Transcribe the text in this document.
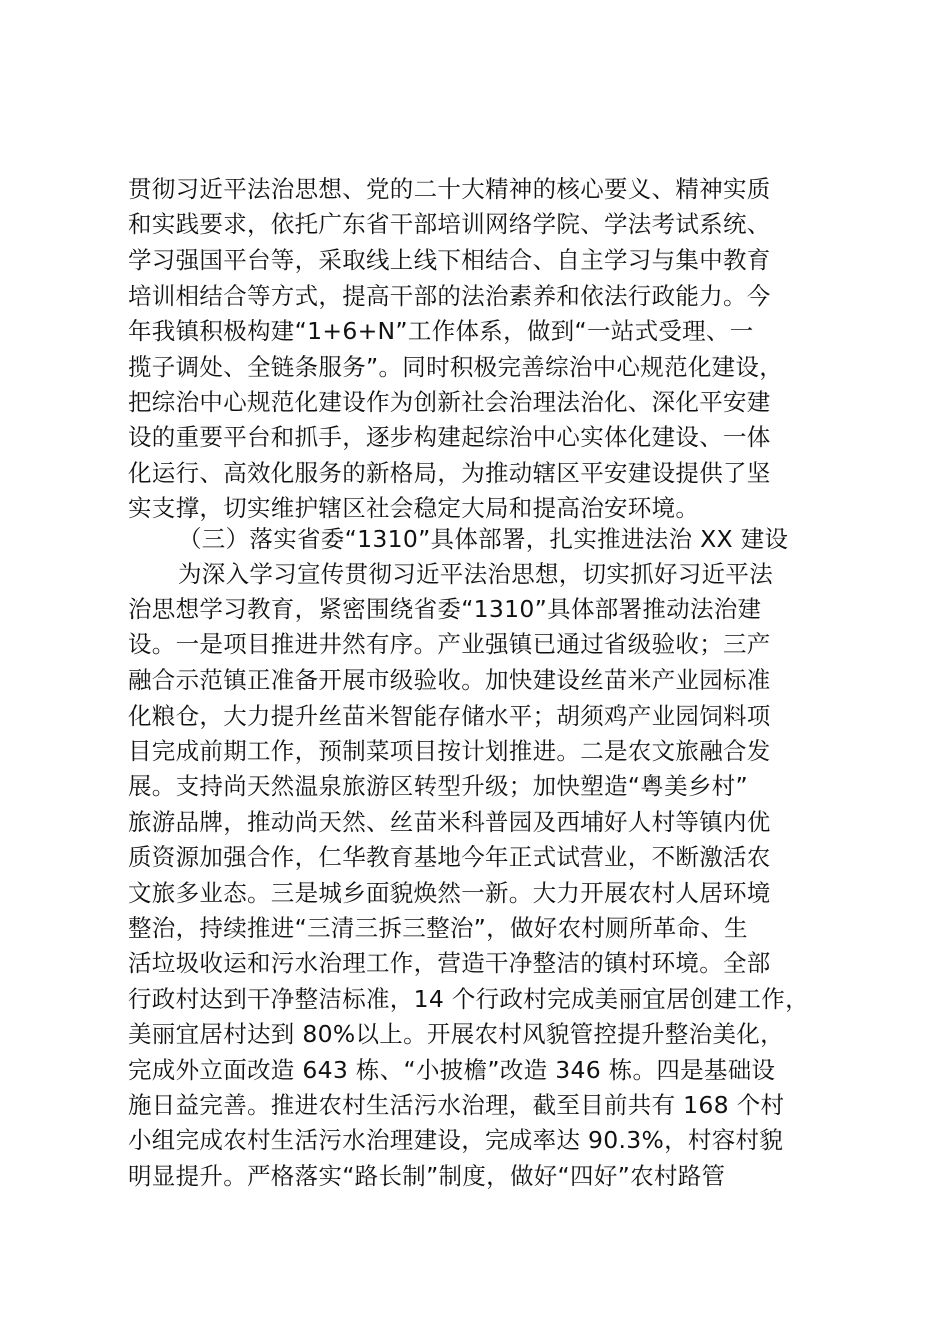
贯彻习近平法治思想、党的二十大精神的核心要义、精神实质
和实践要求，依托广东省干部培训网络学院、学法考试系统、
学习强国平台等，采取线上线下相结合、自主学习与集中教育
培训相结合等方式，提高干部的法治素养和依法行政能力。今
年我镇积极构建“1+6+N”工作体系，做到“一站式受理、一
揽子调处、全链条服务”。同时积极完善综治中心规范化建设，
把综治中心规范化建设作为创新社会治理法治化、深化平安建
设的重要平台和抓手，逐步构建起综治中心实体化建设、一体
化运行、高效化服务的新格局，为推动辖区平安建设提供了坚
实支撑，切实维护辖区社会稳定大局和提高治安环境。
（三）落实省委“1310”具体部署，扎实推进法治 XX 建设
为深入学习宣传贯彻习近平法治思想，切实抓好习近平法
治思想学习教育，紧密围绕省委“1310”具体部署推动法治建
设。一是项目推进井然有序。产业强镇已通过省级验收；三产
融合示范镇正准备开展市级验收。加快建设丝苗米产业园标准
化粮仓，大力提升丝苗米智能存储水平；胡须鸡产业园饲料项
目完成前期工作，预制菜项目按计划推进。二是农文旅融合发
展。支持尚天然温泉旅游区转型升级；加快塑造“粤美乡村”
旅游品牌，推动尚天然、丝苗米科普园及西埔好人村等镇内优
质资源加强合作，仁华教育基地今年正式试营业，不断激活农
文旅多业态。三是城乡面貌焕然一新。大力开展农村人居环境
整治，持续推进“三清三拆三整治”，做好农村厕所革命、生
活垃圾收运和污水治理工作，营造干净整洁的镇村环境。全部
行政村达到干净整洁标准，14 个行政村完成美丽宜居创建工作，
美丽宜居村达到 80%以上。开展农村风貌管控提升整治美化，
完成外立面改造 643 栋、“小披檐”改造 346 栋。四是基础设
施日益完善。推进农村生活污水治理，截至目前共有 168 个村
小组完成农村生活污水治理建设，完成率达 90.3%，村容村貌
明显提升。严格落实“路长制”制度，做好“四好”农村路管
